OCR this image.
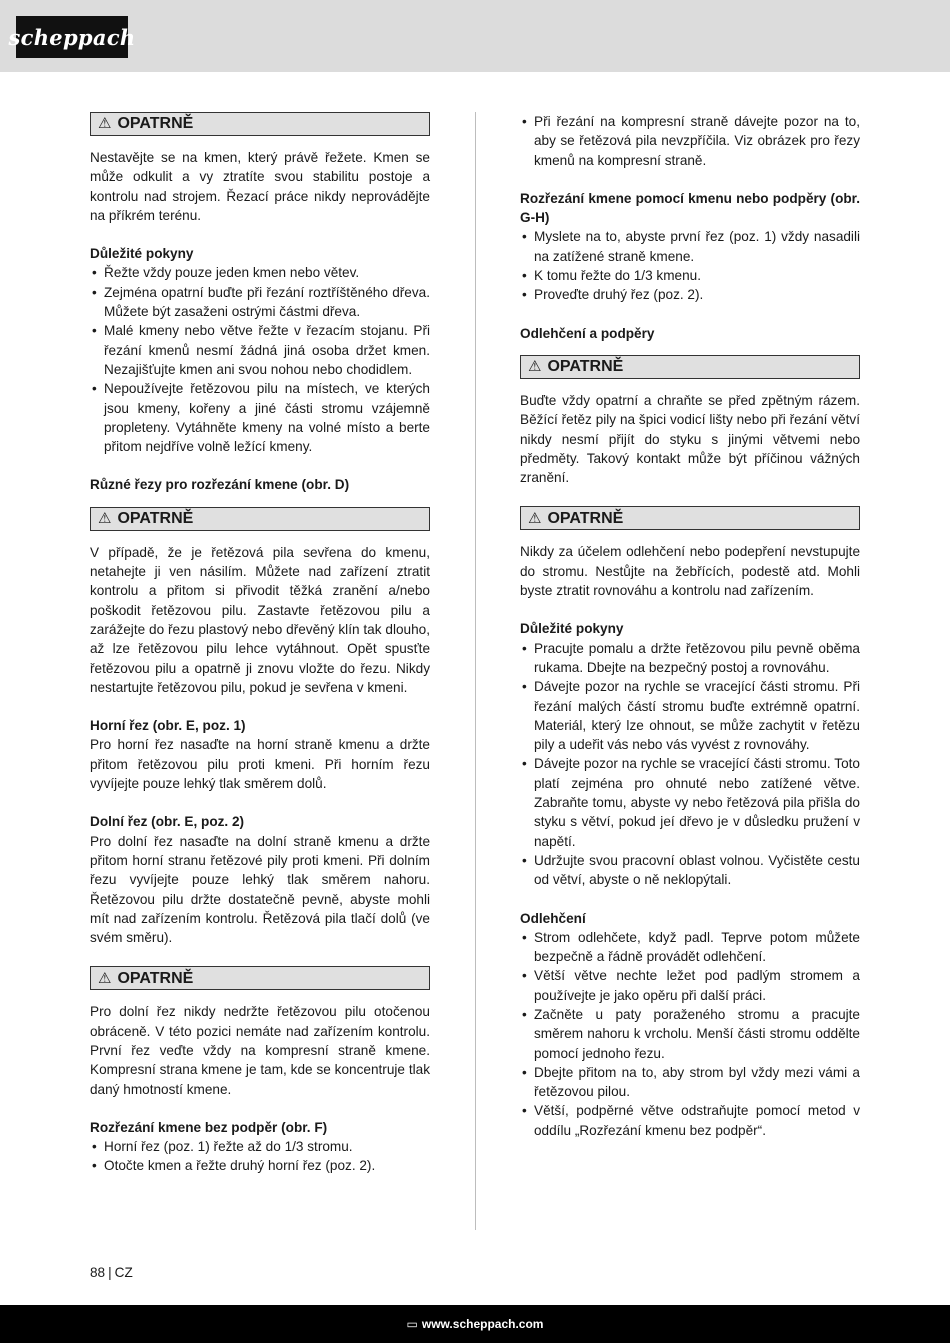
scheppach
⚠ OPATRNĚ

Nestavějte se na kmen, který právě řežete. Kmen se může odkulit a vy ztratíte svou stabilitu postoje a kontrolu nad strojem. Řezací práce nikdy neprovádějte na příkrém terénu.

Důležité pokyny

• Řežte vždy pouze jeden kmen nebo větev.
• Zejména opatrní buďte při řezání roztříštěného dřeva. Můžete být zasaženi ostrými částmi dřeva.
• Malé kmeny nebo větve řežte v řezacím stojanu. Při řezání kmenů nesmí žádná jiná osoba držet kmen. Nezajišťujte kmen ani svou nohou nebo chodidlem.
• Nepoužívejte řetězovou pilu na místech, ve kterých jsou kmeny, kořeny a jiné části stromu vzájemně propleteny. Vytáhněte kmeny na volné místo a berte přitom nejdříve volně ležící kmeny.

Různé řezy pro rozřezání kmene (obr. D)

⚠ OPATRNĚ

V případě, že je řetězová pila sevřena do kmenu, netahejte ji ven násilím. Můžete nad zařízení ztratit kontrolu a přitom si přivodit těžká zranění a/nebo poškodit řetězovou pilu. Zastavte řetězovou pilu a zarážejte do řezu plastový nebo dřevěný klín tak dlouho, až lze řetězovou pilu lehce vytáhnout. Opět spusťte řetězovou pilu a opatrně ji znovu vložte do řezu. Nikdy nestartujte řetězovou pilu, pokud je sevřena v kmeni.

Horní řez (obr. E, poz. 1)

Pro horní řez nasaďte na horní straně kmenu a držte přitom řetězovou pilu proti kmeni. Při horním řezu vyvíjejte pouze lehký tlak směrem dolů.

Dolní řez (obr. E, poz. 2)

Pro dolní řez nasaďte na dolní straně kmenu a držte přitom horní stranu řetězové pily proti kmeni. Při dolním řezu vyvíjejte pouze lehký tlak směrem nahoru. Řetězovou pilu držte dostatečně pevně, abyste mohli mít nad zařízením kontrolu. Řetězová pila tlačí dolů (ve svém směru).

⚠ OPATRNĚ

Pro dolní řez nikdy nedržte řetězovou pilu otočenou obráceně. V této pozici nemáte nad zařízením kontrolu. První řez veďte vždy na kompresní straně kmene. Kompresní strana kmene je tam, kde se koncentruje tlak daný hmotností kmene.

Rozřezání kmene bez podpěr (obr. F)

• Horní řez (poz. 1) řežte až do 1/3 stromu.
• Otočte kmen a řežte druhý horní řez (poz. 2).
• Při řezání na kompresní straně dávejte pozor na to, aby se řetězová pila nevzpříčila. Viz obrázek pro řezy kmenů na kompresní straně.

Rozřezání kmene pomocí kmenu nebo podpěry (obr. G-H)

• Myslete na to, abyste první řez (poz. 1) vždy nasadili na zatížené straně kmene.
• K tomu řežte do 1/3 kmenu.
• Proveďte druhý řez (poz. 2).

Odlehčení a podpěry

⚠ OPATRNĚ

Buďte vždy opatrní a chraňte se před zpětným rázem. Běžící řetěz pily na špici vodicí lišty nebo při řezání větví nikdy nesmí přijít do styku s jinými větvemi nebo předměty. Takový kontakt může být příčinou vážných zranění.

⚠ OPATRNĚ

Nikdy za účelem odlehčení nebo podepření nevstupujte do stromu. Nestůjte na žebřících, podestě atd. Mohli byste ztratit rovnováhu a kontrolu nad zařízením.

Důležité pokyny

• Pracujte pomalu a držte řetězovou pilu pevně oběma rukama. Dbejte na bezpečný postoj a rovnováhu.
• Dávejte pozor na rychle se vracející části stromu. Při řezání malých částí stromu buďte extrémně opatrní. Materiál, který lze ohnout, se může zachytit v řetězu pily a udeřit vás nebo vás vyvést z rovnováhy.
• Dávejte pozor na rychle se vracející části stromu. Toto platí zejména pro ohnuté nebo zatížené větve. Zabraňte tomu, abyste vy nebo řetězová pila přišla do styku s větví, pokud jeí dřevo je v důsledku pružení v napětí.
• Udržujte svou pracovní oblast volnou. Vyčistěte cestu od větví, abyste o ně neklopýtali.

Odlehčení

• Strom odlehčete, když padl. Teprve potom můžete bezpečně a řádně provádět odlehčení.
• Větší větve nechte ležet pod padlým stromem a používejte je jako opěru při další práci.
• Začněte u paty poraženého stromu a pracujte směrem nahoru k vrcholu. Menší části stromu oddělte pomocí jednoho řezu.
• Dbejte přitom na to, aby strom byl vždy mezi vámi a řetězovou pilou.
• Větší, podpěrné větve odstraňujte pomocí metod v oddílu „Rozřezání kmenu bez podpěr“.
88 | CZ
▭ www.scheppach.com
